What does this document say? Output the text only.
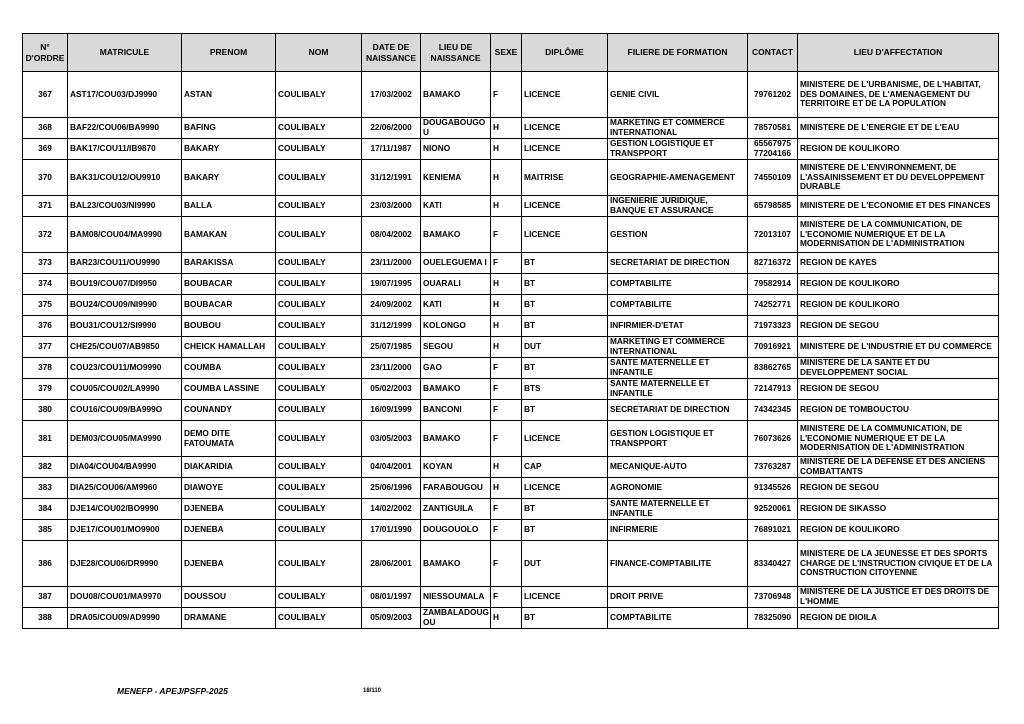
N° D'ORDRE	MATRICULE	PRENOM	NOM	DATE DE NAISSANCE	LIEU DE NAISSANCE	SEXE	DIPLÔME	FILIERE DE FORMATION	CONTACT	LIEU D'AFFECTATION
367	AST17/COU03/DJ9990	ASTAN	COULIBALY	17/03/2002	BAMAKO	F	LICENCE	GENIE CIVIL	79761202	MINISTERE DE L'URBANISME, DE L'HABITAT, DES DOMAINES, DE L'AMENAGEMENT DU TERRITOIRE ET DE LA POPULATION
368	BAF22/COU06/BA9990	BAFING	COULIBALY	22/06/2000	DOUGABOUGO U	H	LICENCE	MARKETING ET COMMERCE INTERNATIONAL	78570581	MINISTERE DE L'ENERGIE ET DE L'EAU
369	BAK17/COU11/IB9870	BAKARY	COULIBALY	17/11/1987	NIONO	H	LICENCE	GESTION LOGISTIQUE ET TRANSPPORT	65567975 77204166	REGION DE KOULIKORO
370	BAK31/COU12/OU9910	BAKARY	COULIBALY	31/12/1991	KENIEMA	H	MAITRISE	GEOGRAPHIE-AMENAGEMENT	74550109	MINISTERE DE L'ENVIRONNEMENT, DE L'ASSAINISSEMENT ET DU DEVELOPPEMENT DURABLE
371	BAL23/COU03/NI9990	BALLA	COULIBALY	23/03/2000	KATI	H	LICENCE	INGENIERIE JURIDIQUE, BANQUE ET ASSURANCE	65798585	MINISTERE DE L'ECONOMIE ET DES FINANCES
372	BAM08/COU04/MA9990	BAMAKAN	COULIBALY	08/04/2002	BAMAKO	F	LICENCE	GESTION	72013107	MINISTERE DE LA COMMUNICATION, DE L'ECONOMIE NUMERIQUE ET DE LA MODERNISATION DE L'ADMINISTRATION
373	BAR23/COU11/OU9990	BARAKISSA	COULIBALY	23/11/2000	OUELEGUEMA I	F	BT	SECRETARIAT DE DIRECTION	82716372	REGION DE KAYES
374	BOU19/COU07/DI9950	BOUBACAR	COULIBALY	19/07/1995	OUARALI	H	BT	COMPTABILITE	79582914	REGION DE KOULIKORO
375	BOU24/COU09/NI9990	BOUBACAR	COULIBALY	24/09/2002	KATI	H	BT	COMPTABILITE	74252771	REGION DE KOULIKORO
376	BOU31/COU12/SI9990	BOUBOU	COULIBALY	31/12/1999	KOLONGO	H	BT	INFIRMIER-D'ETAT	71973323	REGION DE SEGOU
377	CHE25/COU07/AB9850	CHEICK HAMALLAH	COULIBALY	25/07/1985	SEGOU	H	DUT	MARKETING ET COMMERCE INTERNATIONAL	70916921	MINISTERE DE L'INDUSTRIE ET DU COMMERCE
378	COU23/COU11/MO9990	COUMBA	COULIBALY	23/11/2000	GAO	F	BT	SANTE MATERNELLE ET INFANTILE	83862765	MINISTERE DE LA SANTE ET DU DEVELOPPEMENT SOCIAL
379	COU05/COU02/LA9990	COUMBA LASSINE	COULIBALY	05/02/2003	BAMAKO	F	BTS	SANTE MATERNELLE ET INFANTILE	72147913	REGION DE SEGOU
380	COU16/COU09/BA999O	COUNANDY	COULIBALY	16/09/1999	BANCONI	F	BT	SECRETARIAT DE DIRECTION	74342345	REGION DE TOMBOUCTOU
381	DEM03/COU05/MA9990	DEMO DITE FATOUMATA	COULIBALY	03/05/2003	BAMAKO	F	LICENCE	GESTION LOGISTIQUE ET TRANSPPORT	76073626	MINISTERE DE LA COMMUNICATION, DE L'ECONOMIE NUMERIQUE ET DE LA MODERNISATION DE L'ADMINISTRATION
382	DIA04/COU04/BA9990	DIAKARIDIA	COULIBALY	04/04/2001	KOYAN	H	CAP	MECANIQUE-AUTO	73763287	MINISTERE DE LA DEFENSE ET DES ANCIENS COMBATTANTS
383	DIA25/COU06/AM9960	DIAWOYE	COULIBALY	25/06/1996	FARABOUGOU	H	LICENCE	AGRONOMIE	91345526	REGION DE SEGOU
384	DJE14/COU02/BO9990	DJENEBA	COULIBALY	14/02/2002	ZANTIGUILA	F	BT	SANTE MATERNELLE ET INFANTILE	92520061	REGION DE SIKASSO
385	DJE17/COU01/MO9900	DJENEBA	COULIBALY	17/01/1990	DOUGOUOLO	F	BT	INFIRMERIE	76891021	REGION DE KOULIKORO
386	DJE28/COU06/DR9990	DJENEBA	COULIBALY	28/06/2001	BAMAKO	F	DUT	FINANCE-COMPTABILITE	83340427	MINISTERE DE LA JEUNESSE ET DES SPORTS CHARGE DE L'INSTRUCTION CIVIQUE ET DE LA CONSTRUCTION CITOYENNE
387	DOU08/COU01/MA9970	DOUSSOU	COULIBALY	08/01/1997	NIESSOUMALA	F	LICENCE	DROIT PRIVE	73706948	MINISTERE DE LA JUSTICE ET DES DROITS DE L'HOMME
388	DRA05/COU09/AD9990	DRAMANE	COULIBALY	05/09/2003	ZAMBALADOUG OU	H	BT	COMPTABILITE	78325090	REGION DE DIOILA
MENEFP - APEJ/PSFP-2025	18/110
